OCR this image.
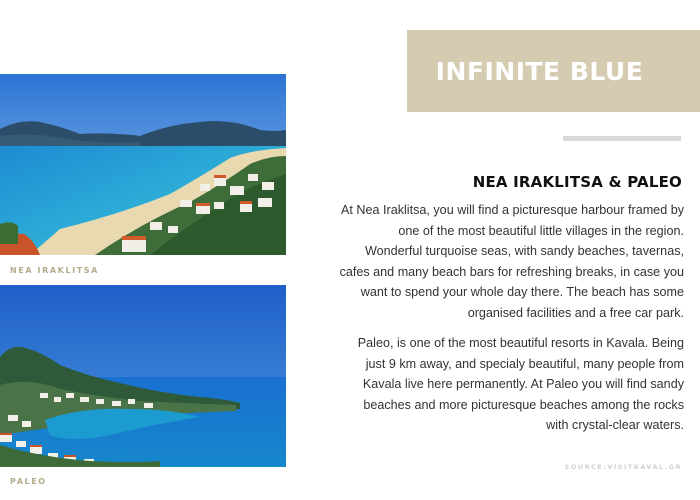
NEA IRAKLITSA
PALEO
INFINITE BLUE
NEA IRAKLITSA & PALEO

At Nea Iraklitsa, you will find a picturesque harbour framed by one of the most beautiful little villages in the region. Wonderful turquoise seas, with sandy beaches, tavernas, cafes and many beach bars for refreshing breaks, in case you want to spend your whole day there. The beach has some organised facilities and a free car park.

Paleo, is one of the most beautiful resorts in Kavala. Being just 9 km away, and specialy beautiful, many people from Kavala live here permanently. At Paleo you will find sandy beaches and more picturesque beaches among the rocks with crystal-clear waters.

SOURCE:VISITKAVAL.GR
